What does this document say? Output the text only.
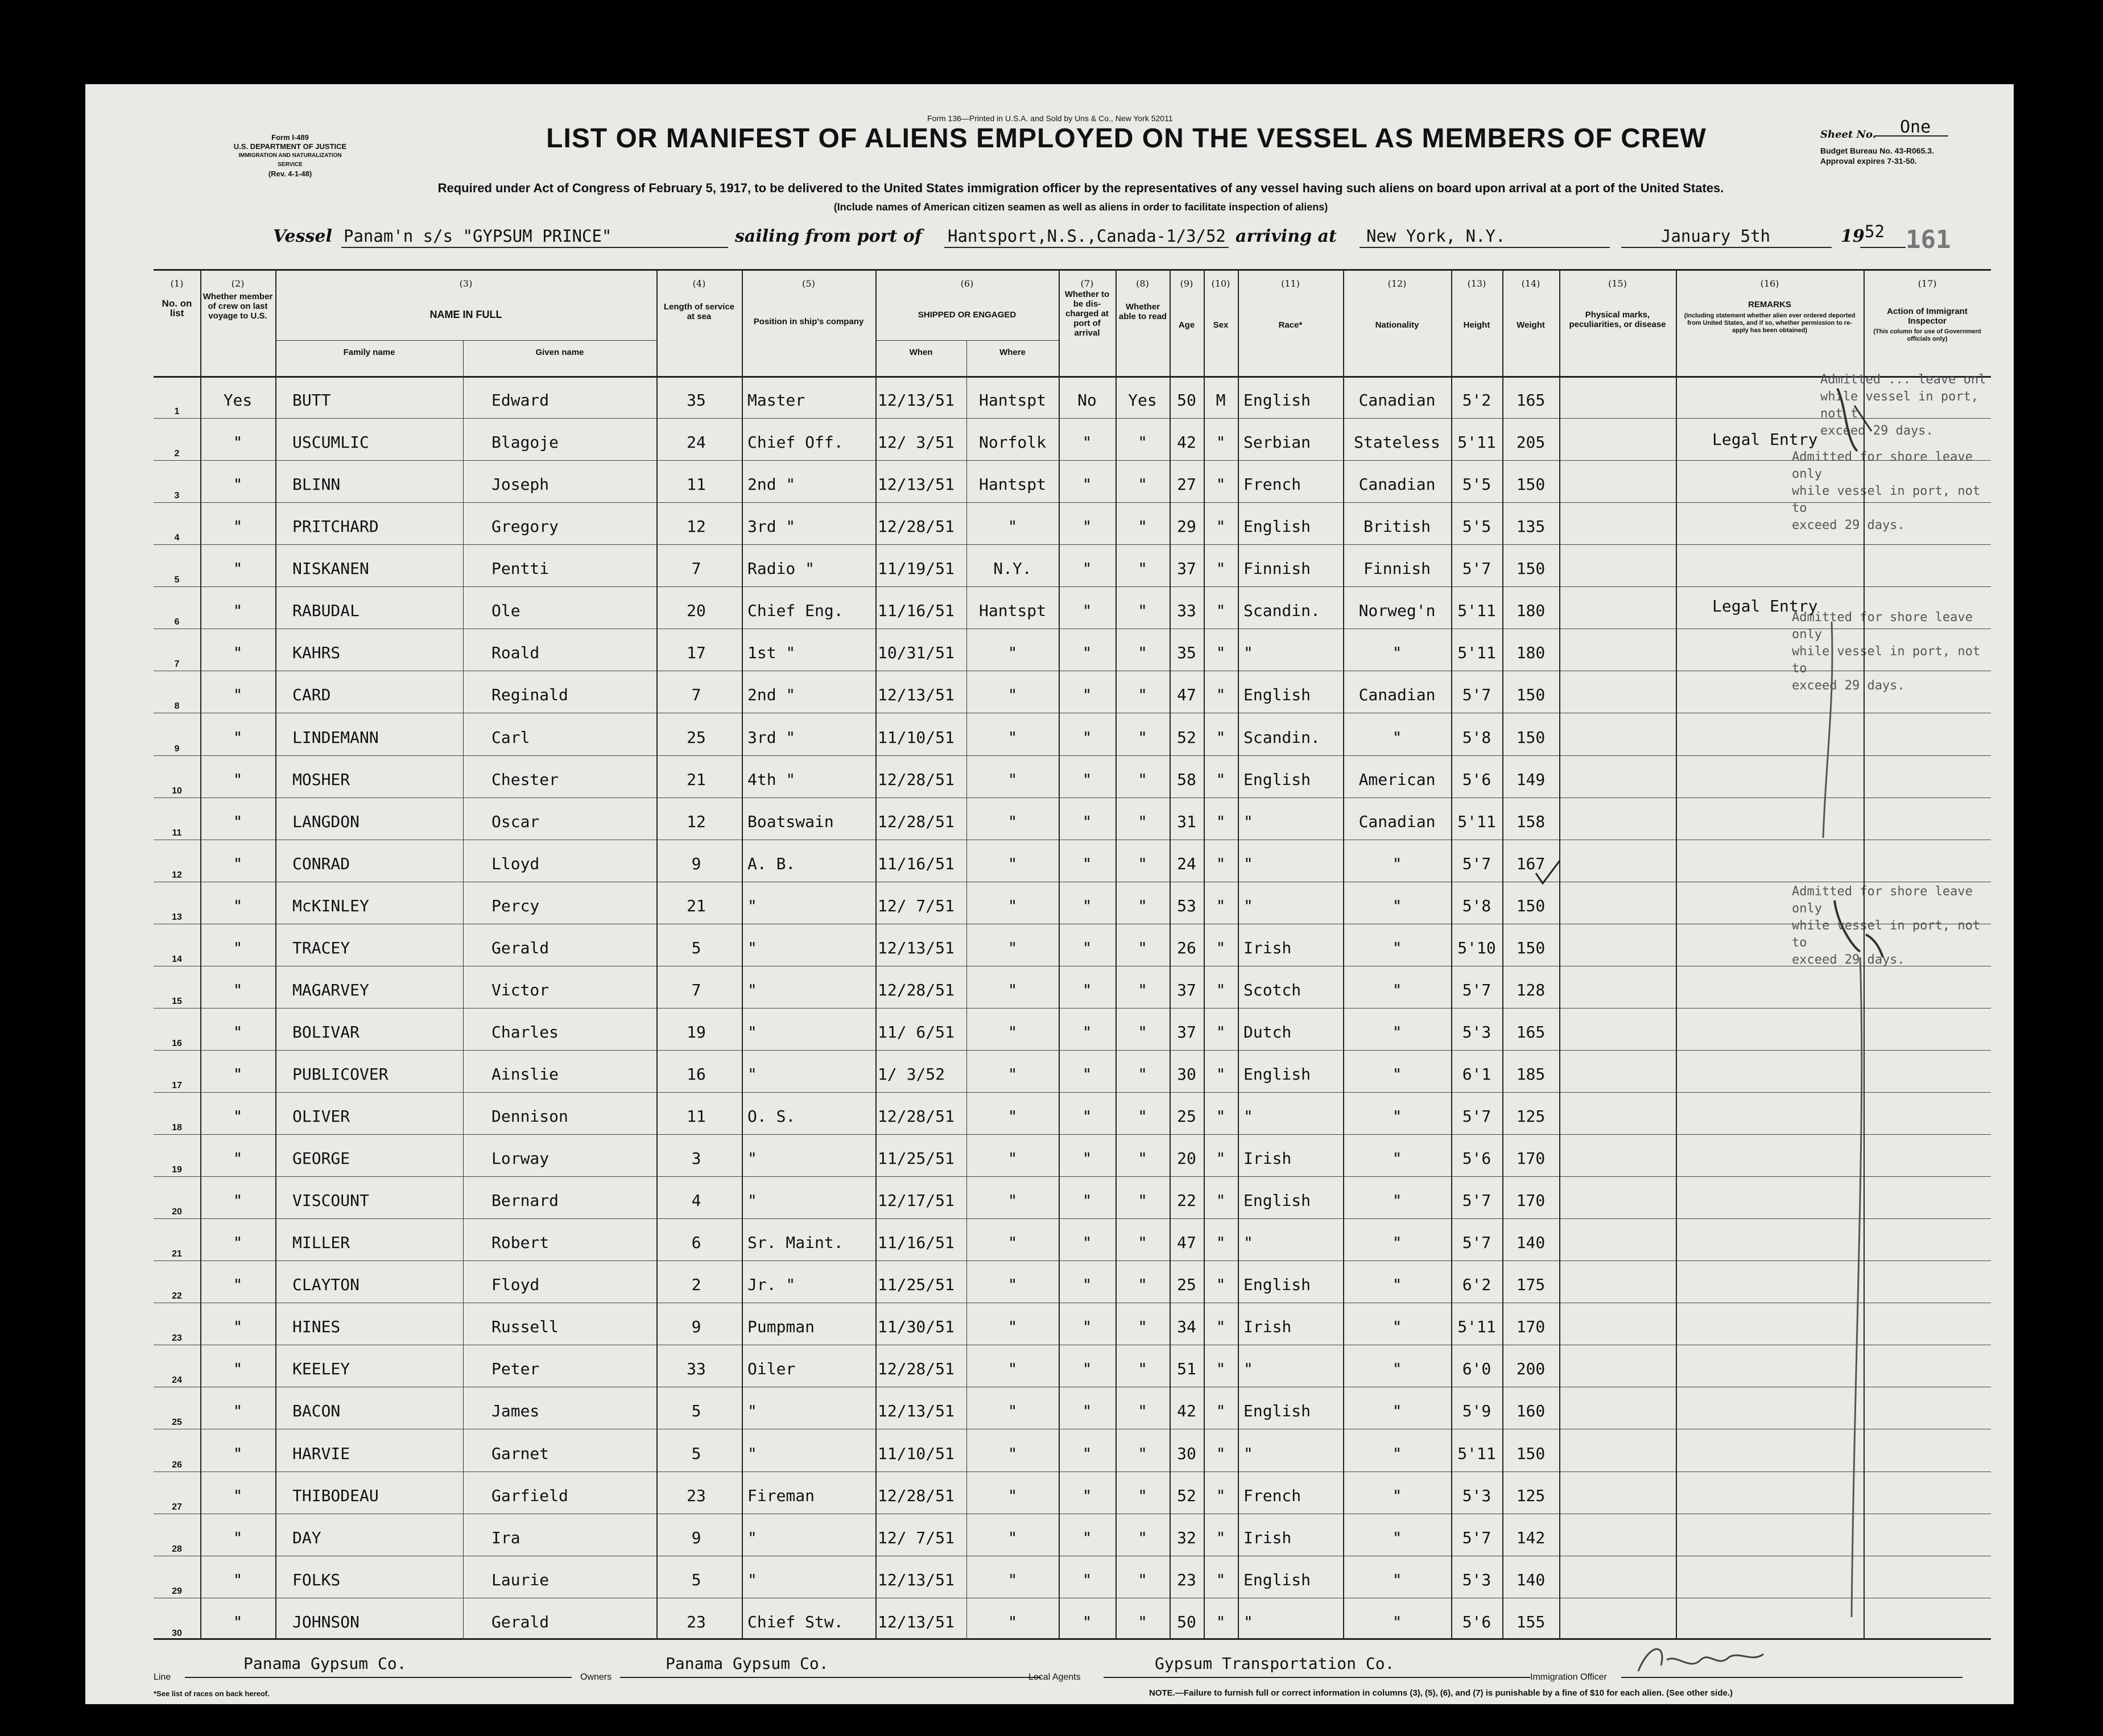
Form I-489
U.S. DEPARTMENT OF JUSTICE
IMMIGRATION AND NATURALIZATION SERVICE
(Rev. 4-1-48)
Form 136—Printed in U.S.A. and Sold by Uns & Co., New York 52011
LIST OR MANIFEST OF ALIENS EMPLOYED ON THE VESSEL AS MEMBERS OF CREW	Sheet No. One
Budget Bureau No. 43-R065.3.
Approval expires 7-31-50.
Required under Act of Congress of February 5, 1917, to be delivered to the United States immigration officer by the representatives of any vessel having such aliens on board upon arrival at a port of the United States.
(Include names of American citizen seamen as well as aliens in order to facilitate inspection of aliens)
Vessel Panam'n s/s "GYPSUM PRINCE"	sailing from port of Hantsport,N.S.,Canada-1/3/52 arriving at New York, N.Y.	January 5th	19 52 161
(1)	(2)	(3)	(4)	(5)	(6)	(7)	(8)	(9)	(10)	(11)	(12)	(13)	(14)	(15)	(16)	(17)
No. on list
Whether member of crew on last voyage to U.S.	NAME IN FULL
Family name	Given name
Length of service at sea
Position in ship's company
SHIPPED OR ENGAGED
When	Where
Whether to be dis-charged at port of arrival
Whether able to read
Age	Sex	Race*	Nationality	Height	Weight
Physical marks, peculiarities, or disease
REMARKS
(Including statement whether alien ever ordered deported from United States, and if so, whether permission to re-apply has been obtained)
Action of Immigrant Inspector
(This column for use of Government officials only)
1
Yes	BUTT	Edward	35	Master	12/13/51	Hantspt	No	Yes	50	M	English	Canadian	5'2	165
2
"	USCUMLIC	Blagoje	24	Chief Off.	12/ 3/51	Norfolk	"	"	42	"	Serbian	Stateless	5'11	205
3
"	BLINN	Joseph	11	2nd "	12/13/51	Hantspt	"	"	27	"	French	Canadian	5'5	150
4
"	PRITCHARD	Gregory	12	3rd "	12/28/51	"	"	"	29	"	English	British	5'5	135
5
"	NISKANEN	Pentti	7	Radio "	11/19/51	N.Y.	"	"	37	"	Finnish	Finnish	5'7	150
6
"	RABUDAL	Ole	20	Chief Eng.	11/16/51	Hantspt	"	"	33	"	Scandin.	Norweg'n	5'11	180
7
"	KAHRS	Roald	17	1st "	10/31/51	"	"	"	35	"	"	"	5'11	180
8
"	CARD	Reginald	7	2nd "	12/13/51	"	"	"	47	"	English	Canadian	5'7	150
9
"	LINDEMANN	Carl	25	3rd "	11/10/51	"	"	"	52	"	Scandin.	"	5'8	150
10
"	MOSHER	Chester	21	4th "	12/28/51	"	"	"	58	"	English	American	5'6	149
11
"	LANGDON	Oscar	12	Boatswain	12/28/51	"	"	"	31	"	"	Canadian	5'11	158
12
"	CONRAD	Lloyd	9	A. B.	11/16/51	"	"	"	24	"	"	"	5'7	167
13
"	McKINLEY	Percy	21	"	12/ 7/51	"	"	"	53	"	"	"	5'8	150
14
"	TRACEY	Gerald	5	"	12/13/51	"	"	"	26	"	Irish	"	5'10	150
15
"	MAGARVEY	Victor	7	"	12/28/51	"	"	"	37	"	Scotch	"	5'7	128
16
"	BOLIVAR	Charles	19	"	11/ 6/51	"	"	"	37	"	Dutch	"	5'3	165
17
"	PUBLICOVER	Ainslie	16	"	1/ 3/52	"	"	"	30	"	English	"	6'1	185
18
"	OLIVER	Dennison	11	O. S.	12/28/51	"	"	"	25	"	"	"	5'7	125
19
"	GEORGE	Lorway	3	"	11/25/51	"	"	"	20	"	Irish	"	5'6	170
20
"	VISCOUNT	Bernard	4	"	12/17/51	"	"	"	22	"	English	"	5'7	170
21
"	MILLER	Robert	6	Sr. Maint.	11/16/51	"	"	"	47	"	"	"	5'7	140
22
"	CLAYTON	Floyd	2	Jr. "	11/25/51	"	"	"	25	"	English	"	6'2	175
23
"	HINES	Russell	9	Pumpman	11/30/51	"	"	"	34	"	Irish	"	5'11	170
24
"	KEELEY	Peter	33	Oiler	12/28/51	"	"	"	51	"	"	"	6'0	200
25
"	BACON	James	5	"	12/13/51	"	"	"	42	"	English	"	5'9	160
26
"	HARVIE	Garnet	5	"	11/10/51	"	"	"	30	"	"	"	5'11	150
27
"	THIBODEAU	Garfield	23	Fireman	12/28/51	"	"	"	52	"	French	"	5'3	125
28
"	DAY	Ira	9	"	12/ 7/51	"	"	"	32	"	Irish	"	5'7	142
29
"	FOLKS	Laurie	5	"	12/13/51	"	"	"	23	"	English	"	5'3	140
30
"	JOHNSON	Gerald	23	Chief Stw.	12/13/51	"	"	"	50	"	"	"	5'6	155
Admitted ... leave onl
while vessel in port, not t
exceed 29 days.
Legal Entry
Admitted for shore leave only
while vessel in port, not to
exceed 29 days.
Legal Entry
Admitted for shore leave only
while vessel in port, not to
exceed 29 days.
Admitted for shore leave only
while vessel in port, not to
exceed 29 days.
Line
Panama Gypsum Co.
Owners
Panama Gypsum Co.
Local Agents
Gypsum Transportation Co.
Immigration Officer
*See list of races on back hereof.	NOTE.—Failure to furnish full or correct information in columns (3), (5), (6), and (7) is punishable by a fine of $10 for each alien. (See other side.)
